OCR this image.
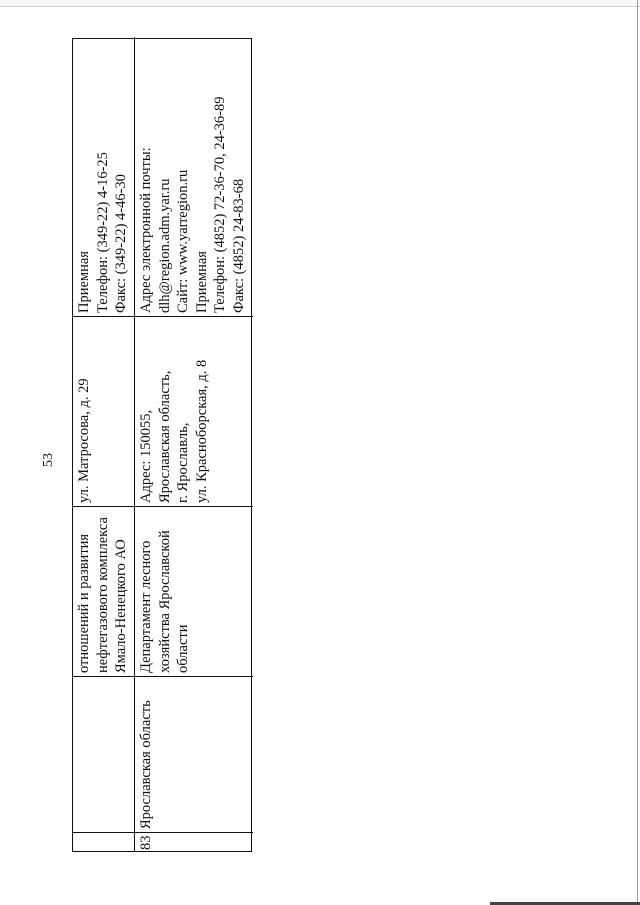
53
отношений и развития нефтегазового комплекса Ямало-Ненецкого АО
ул. Матросова, д. 29
Приемная Телефон: (349-22) 4-16-25 Факс: (349-22) 4-46-30
83
Ярославская область
Департамент лесного хозяйства Ярославской области
Адрес: 150055, Ярославская область, г. Ярославль, ул. Красноборская, д. 8
Адрес электронной почты: dlh@region.adm.yar.ru Сайт: www.yarregion.ru Приемная Телефон: (4852) 72-36-70, 24-36-89 Факс: (4852) 24-83-68
